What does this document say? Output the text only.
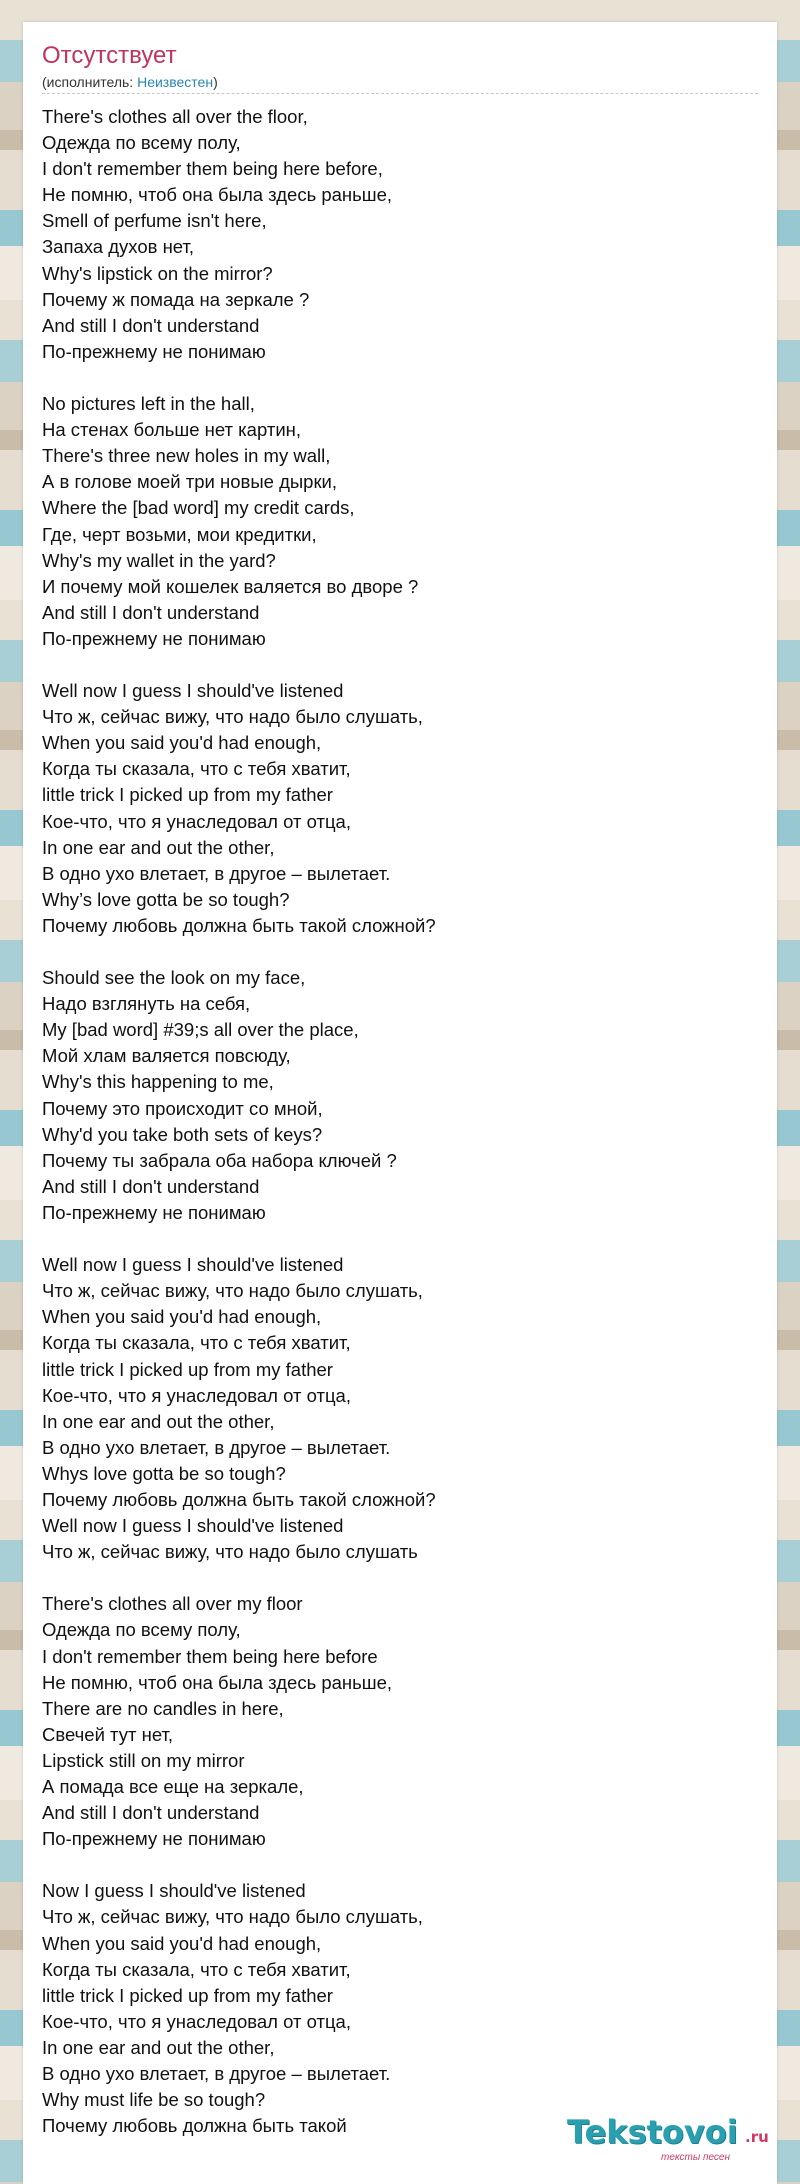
Отсутствует
(исполнитель: Неизвестен)
There's clothes all over the floor,
Одежда по всему полу,
I don't remember them being here before,
Не помню, чтоб она была здесь раньше,
Smell of perfume isn't here,
Запаха духов нет,
Why's lipstick on the mirror?
Почему ж помада на зеркале ?
And still I don't understand
По-прежнему не понимаю
No pictures left in the hall,
На стенах больше нет картин,
There's three new holes in my wall,
А в голове моей три новые дырки,
Where the [bad word] my credit cards,
Где, черт возьми, мои кредитки,
Why's my wallet in the yard?
И почему мой кошелек валяется во дворе ?
And still I don't understand
По-прежнему не понимаю
Well now I guess I should've listened
Что ж, сейчас вижу, что надо было слушать,
When you said you'd had enough,
Когда ты сказала, что с тебя хватит,
little trick I picked up from my father
Кое-что, что я унаследовал от отца,
In one ear and out the other,
В одно ухо влетает, в другое – вылетает.
Why’s love gotta be so tough?
Почему любовь должна быть такой сложной?
Should see the look on my face,
Надо взглянуть на себя,
My [bad word] #39;s all over the place,
Мой хлам валяется повсюду,
Why's this happening to me,
Почему это происходит со мной,
Why'd you take both sets of keys?
Почему ты забрала оба набора ключей ?
And still I don't understand
По-прежнему не понимаю
Well now I guess I should've listened
Что ж, сейчас вижу, что надо было слушать,
When you said you'd had enough,
Когда ты сказала, что с тебя хватит,
little trick I picked up from my father
Кое-что, что я унаследовал от отца,
In one ear and out the other,
В одно ухо влетает, в другое – вылетает.
Whys love gotta be so tough?
Почему любовь должна быть такой сложной?
Well now I guess I should've listened
Что ж, сейчас вижу, что надо было слушать
There's clothes all over my floor
Одежда по всему полу,
I don't remember them being here before
Не помню, чтоб она была здесь раньше,
There are no candles in here,
Свечей тут нет,
Lipstick still on my mirror
А помада все еще на зеркале,
And still I don't understand
По-прежнему не понимаю
Now I guess I should've listened
Что ж, сейчас вижу, что надо было слушать,
When you said you'd had enough,
Когда ты сказала, что с тебя хватит,
little trick I picked up from my father
Кое-что, что я унаследовал от отца,
In one ear and out the other,
В одно ухо влетает, в другое – вылетает.
Why must life be so tough?
Почему любовь должна быть такой	Tekstovoi .ru
тексты песен
